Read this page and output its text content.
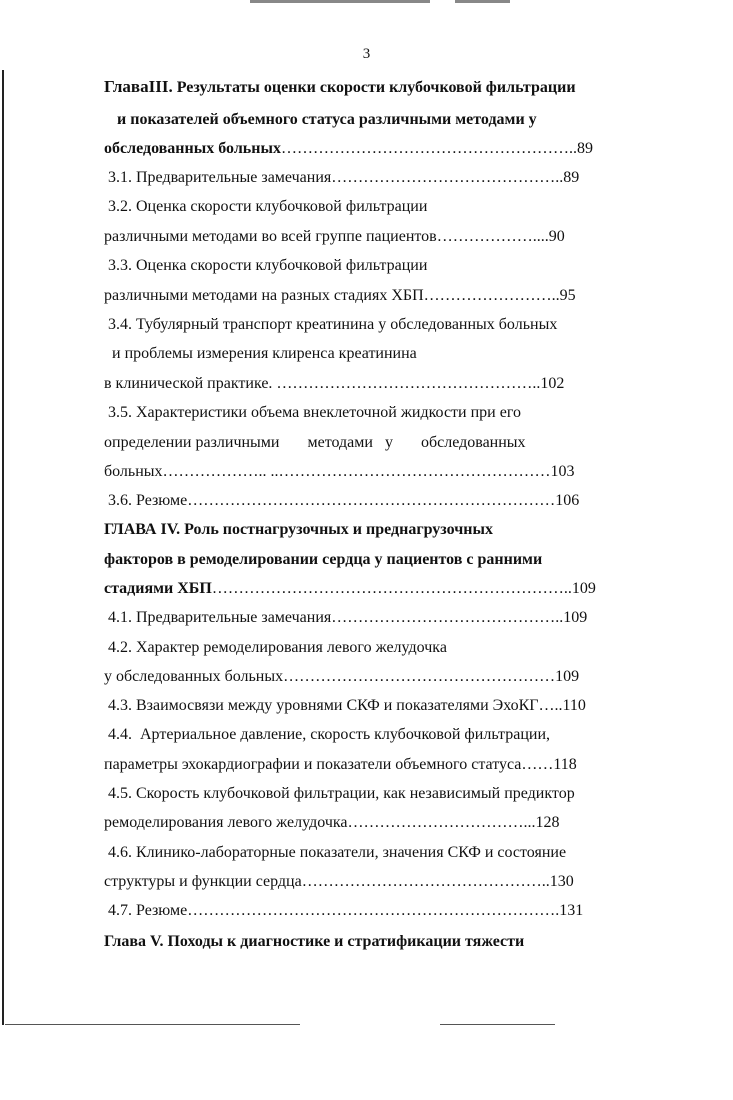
3
ГлаваIII. Результаты оценки скорости клубочковой фильтрации
и показателей объемного статуса различными методами у
обследованных больных………………………………………………..89
3.1. Предварительные замечания……………………………………..89
3.2. Оценка скорости клубочковой фильтрации
различными методами во всей группе пациентов………………....90
3.3. Оценка скорости клубочковой фильтрации
различными методами на разных стадиях ХБП……………………..95
3.4. Тубулярный транспорт креатинина у обследованных больных
и проблемы измерения клиренса креатинина
в клинической практике. …………………………………………..102
3.5. Характеристики объема внеклеточной жидкости при его
определении различными       методами   у       обследованных
больных……………….. ..……………………………………………103
3.6. Резюме……………………………………………………………106
ГЛАВА IV. Роль постнагрузочных и преднагрузочных
факторов в ремоделировании сердца у пациентов с ранними
стадиями ХБП…………………………………………………………..109
4.1. Предварительные замечания……………………………………..109
4.2. Характер ремоделирования левого желудочка
у обследованных больных……………………………………………109
4.3. Взаимосвязи между уровнями СКФ и показателями ЭхоКГ…..110
4.4.  Артериальное давление, скорость клубочковой фильтрации,
параметры эхокардиографии и показатели объемного статуса……118
4.5. Скорость клубочковой фильтрации, как независимый предиктор
ремоделирования левого желудочка……………………………...128
4.6. Клинико-лабораторные показатели, значения СКФ и состояние
структуры и функции сердца………………………………………..130
4.7. Резюме…………………………………………………………….131
Глава V. Походы к диагностике и стратификации тяжести
